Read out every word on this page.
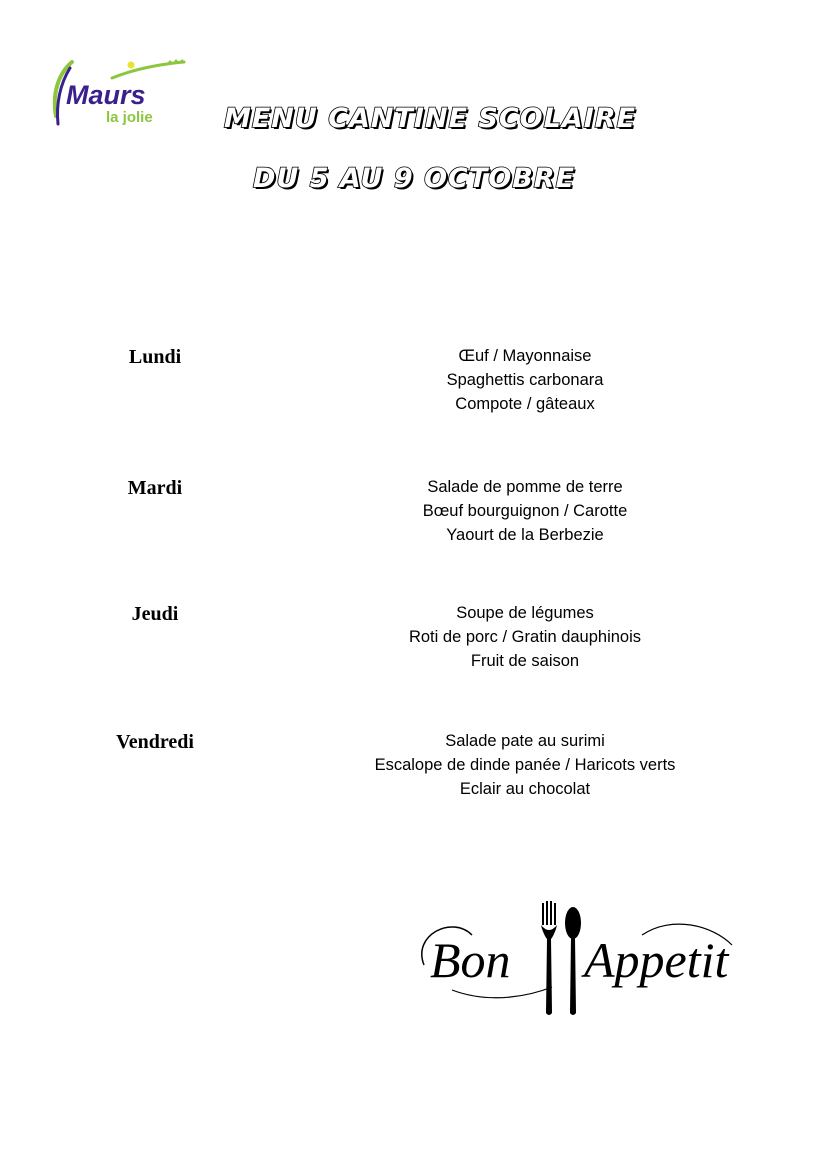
Maurs
la jolie	MENU CANTINE SCOLAIRE
DU 5 AU 9 OCTOBRE
Lundi	Œuf / Mayonnaise
Spaghettis carbonara
Compote / gâteaux
Mardi	Salade de pomme de terre
Bœuf bourguignon / Carotte
Yaourt de la Berbezie
Jeudi	Soupe de légumes
Roti de porc / Gratin dauphinois
Fruit de saison
Vendredi	Salade pate au surimi
Escalope de dinde panée / Haricots verts
Eclair au chocolat
Bon Appetit
